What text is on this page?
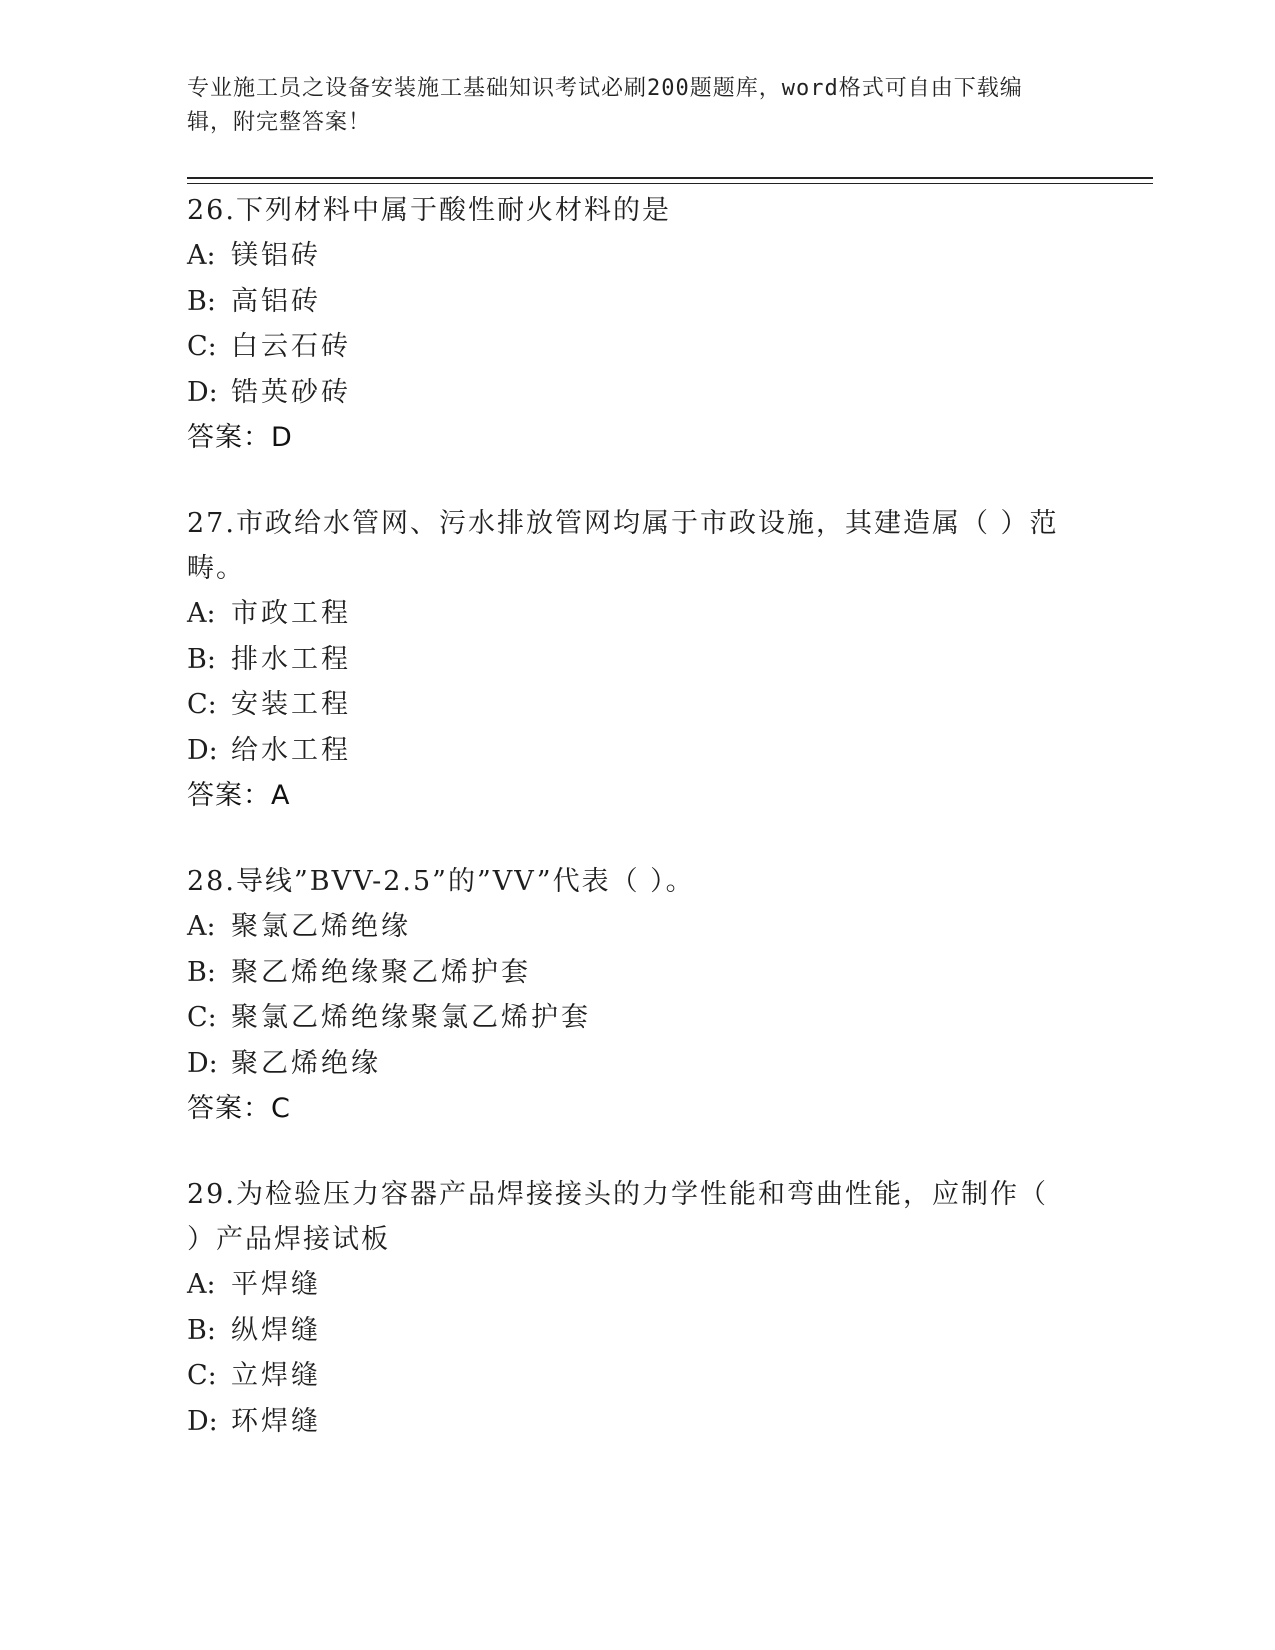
专业施工员之设备安装施工基础知识考试必刷200题题库，word格式可自由下载编辑，附完整答案！
26.下列材料中属于酸性耐火材料的是
A: 镁铝砖
B: 高铝砖
C: 白云石砖
D: 锆英砂砖
答案：D
27.市政给水管网、污水排放管网均属于市政设施，其建造属（ ）范畴。
A: 市政工程
B: 排水工程
C: 安装工程
D: 给水工程
答案：A
28.导线”BVV-2.5”的”VV”代表（ ）。
A: 聚氯乙烯绝缘
B: 聚乙烯绝缘聚乙烯护套
C: 聚氯乙烯绝缘聚氯乙烯护套
D: 聚乙烯绝缘
答案：C
29.为检验压力容器产品焊接接头的力学性能和弯曲性能，应制作（ ）产品焊接试板
A: 平焊缝
B: 纵焊缝
C: 立焊缝
D: 环焊缝
